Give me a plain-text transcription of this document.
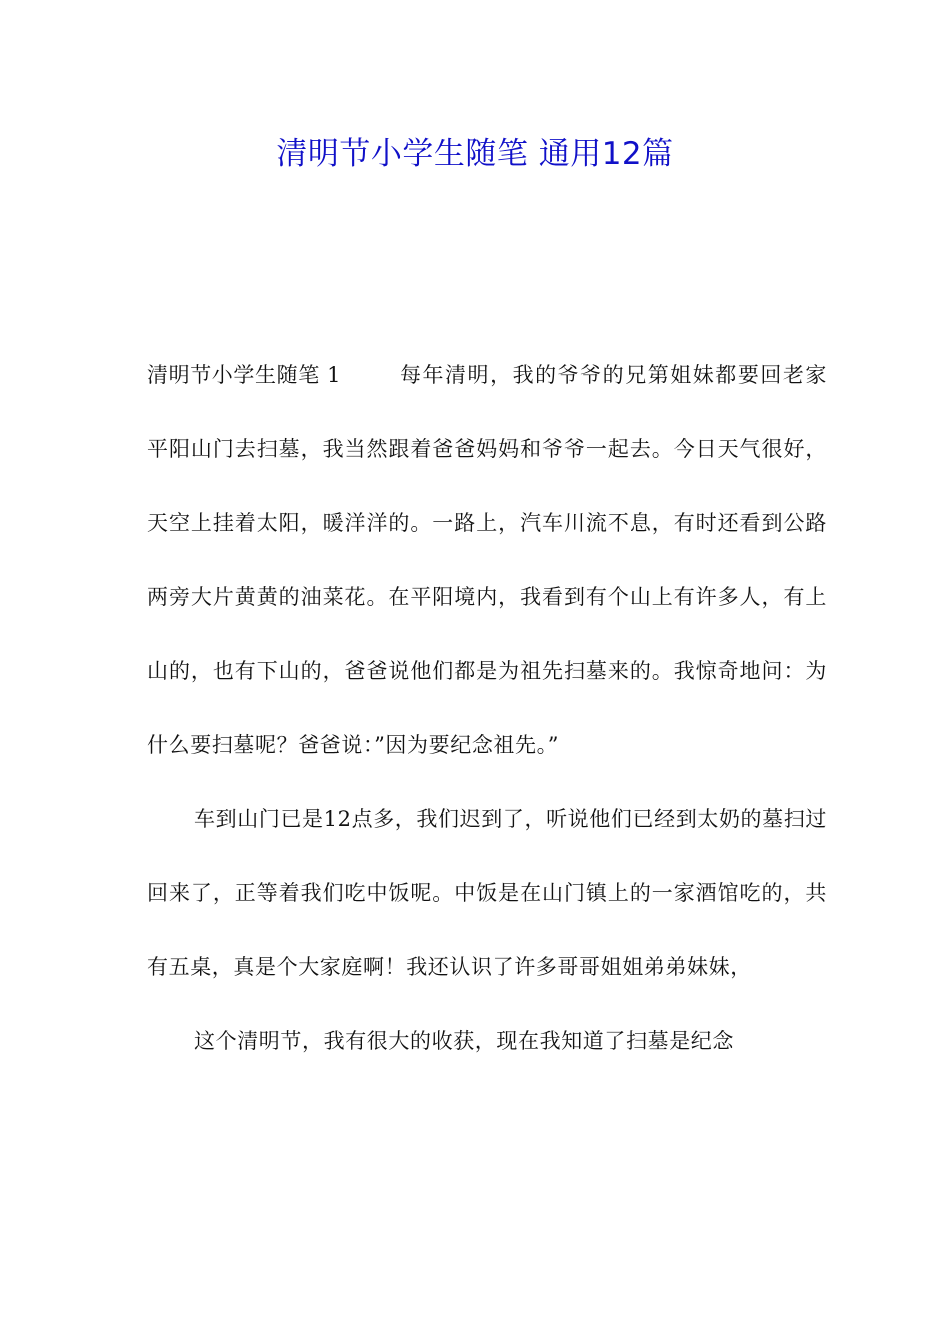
清明节小学生随笔 通用12篇

清明节小学生随笔 1	每年清明，我的爷爷的兄第姐妹都要回老家平阳山门去扫墓，我当然跟着爸爸妈妈和爷爷一起去。今日天气很好，天空上挂着太阳，暖洋洋的。一路上，汽车川流不息，有时还看到公路两旁大片黄黄的油菜花。在平阳境内，我看到有个山上有许多人，有上山的，也有下山的，爸爸说他们都是为祖先扫墓来的。我惊奇地问：为什么要扫墓呢？爸爸说：”因为要纪念祖先。”

车到山门已是12点多，我们迟到了，听说他们已经到太奶的墓扫过回来了，正等着我们吃中饭呢。中饭是在山门镇上的一家酒馆吃的，共有五桌，真是个大家庭啊！我还认识了许多哥哥姐姐弟弟妹妹，

这个清明节，我有很大的收获，现在我知道了扫墓是纪念
